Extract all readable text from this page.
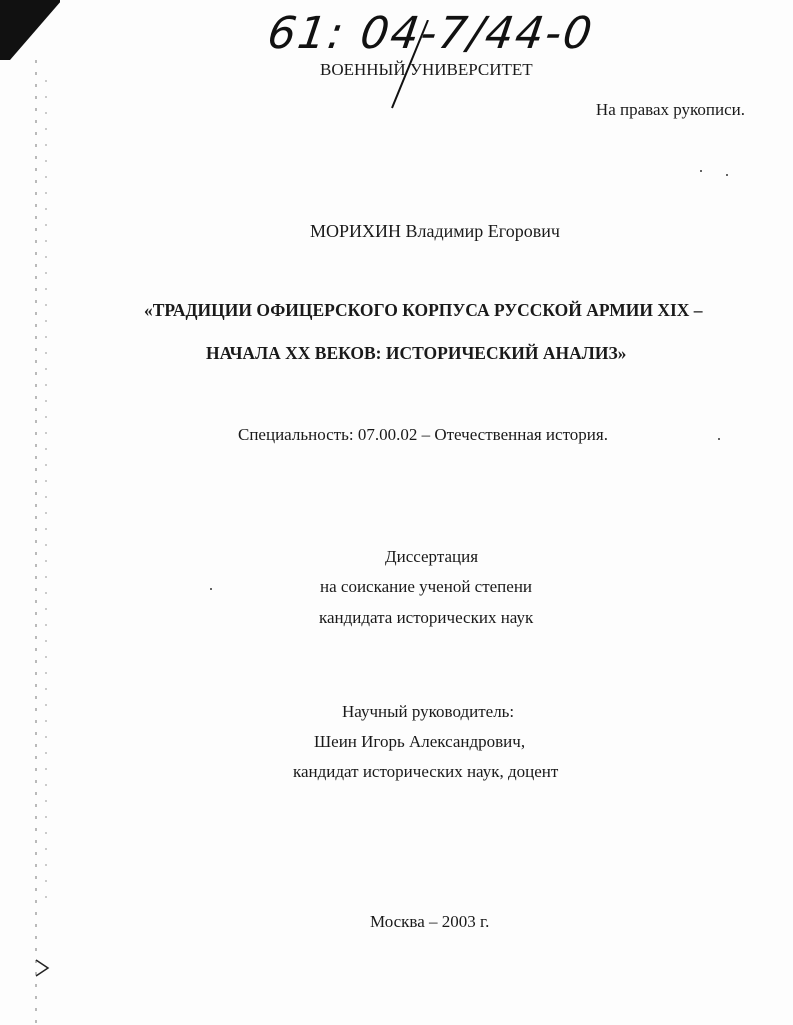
61: 04-7/44-0
ВОЕННЫЙ УНИВЕРСИТЕТ
На правах рукописи.
МОРИХИН Владимир Егорович
«ТРАДИЦИИ ОФИЦЕРСКОГО КОРПУСА РУССКОЙ АРМИИ XIX –
НАЧАЛА XX ВЕКОВ: ИСТОРИЧЕСКИЙ АНАЛИЗ»
Специальность: 07.00.02 – Отечественная история.
Диссертация
на соискание ученой степени
кандидата исторических наук
Научный руководитель:
Шеин Игорь Александрович,
кандидат исторических наук, доцент
Москва – 2003 г.
